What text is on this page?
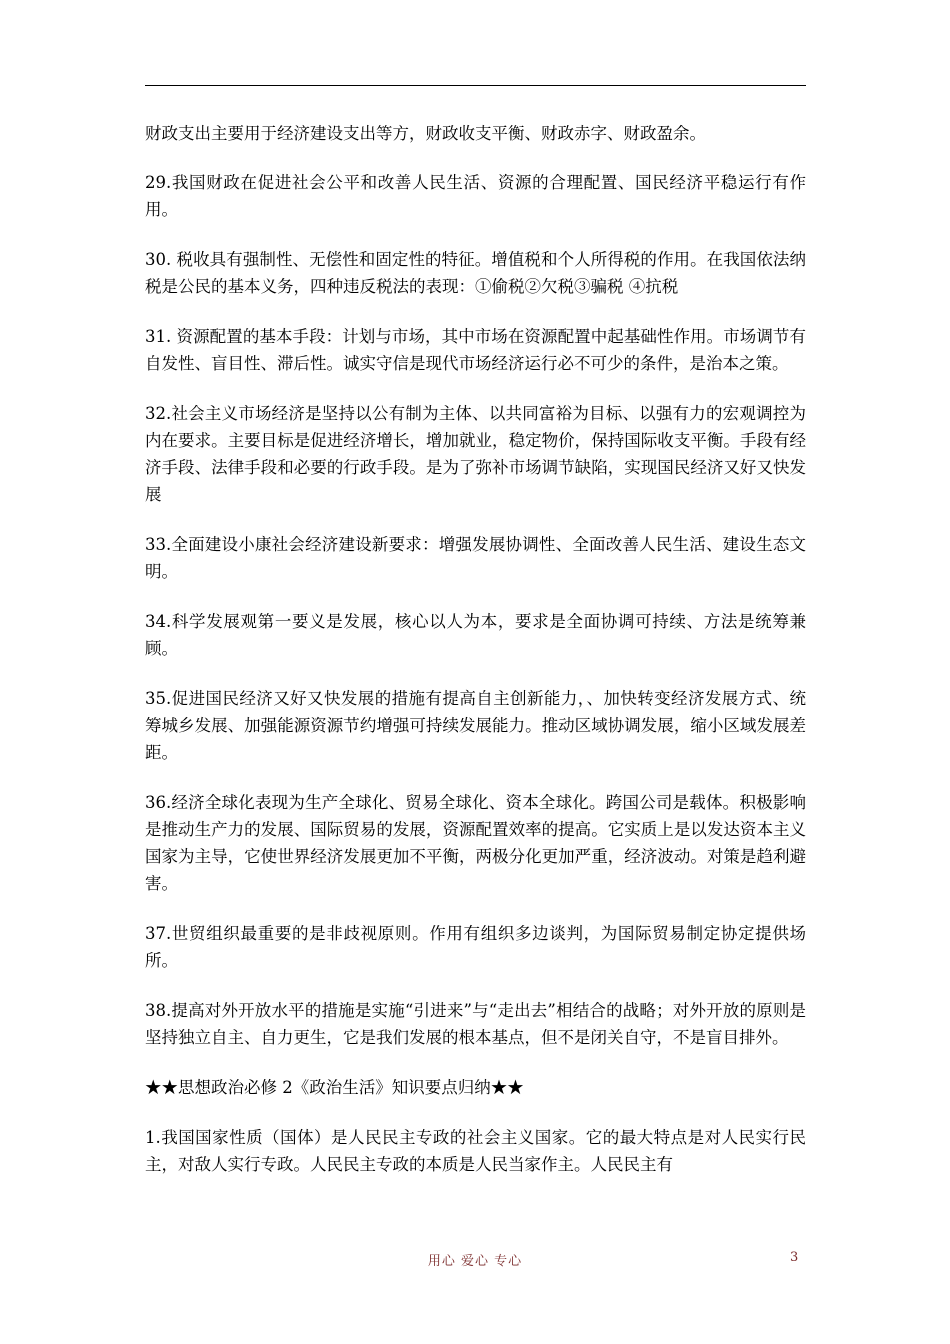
财政支出主要用于经济建设支出等方，财政收支平衡、财政赤字、财政盈余。

29.我国财政在促进社会公平和改善人民生活、资源的合理配置、国民经济平稳运行有作用。

30. 税收具有强制性、无偿性和固定性的特征。增值税和个人所得税的作用。在我国依法纳税是公民的基本义务，四种违反税法的表现：①偷税②欠税③骗税 ④抗税

31. 资源配置的基本手段：计划与市场，其中市场在资源配置中起基础性作用。市场调节有自发性、盲目性、滞后性。诚实守信是现代市场经济运行必不可少的条件，是治本之策。

32.社会主义市场经济是坚持以公有制为主体、以共同富裕为目标、以强有力的宏观调控为内在要求。主要目标是促进经济增长，增加就业，稳定物价，保持国际收支平衡。手段有经济手段、法律手段和必要的行政手段。是为了弥补市场调节缺陷，实现国民经济又好又快发展

33.全面建设小康社会经济建设新要求：增强发展协调性、全面改善人民生活、建设生态文明。

34.科学发展观第一要义是发展，核心以人为本，要求是全面协调可持续、方法是统筹兼顾。

35.促进国民经济又好又快发展的措施有提高自主创新能力，、加快转变经济发展方式、统筹城乡发展、加强能源资源节约增强可持续发展能力。推动区域协调发展，缩小区域发展差距。

36.经济全球化表现为生产全球化、贸易全球化、资本全球化。跨国公司是载体。积极影响是推动生产力的发展、国际贸易的发展，资源配置效率的提高。它实质上是以发达资本主义国家为主导，它使世界经济发展更加不平衡，两极分化更加严重，经济波动。对策是趋利避害。

37.世贸组织最重要的是非歧视原则。作用有组织多边谈判，为国际贸易制定协定提供场所。

38.提高对外开放水平的措施是实施“引进来”与“走出去”相结合的战略；对外开放的原则是坚持独立自主、自力更生，它是我们发展的根本基点，但不是闭关自守，不是盲目排外。

★★思想政治必修 2《政治生活》知识要点归纳★★

1.我国国家性质（国体）是人民民主专政的社会主义国家。它的最大特点是对人民实行民主，对敌人实行专政。人民民主专政的本质是人民当家作主。人民民主有

用心 爱心 专心	3
